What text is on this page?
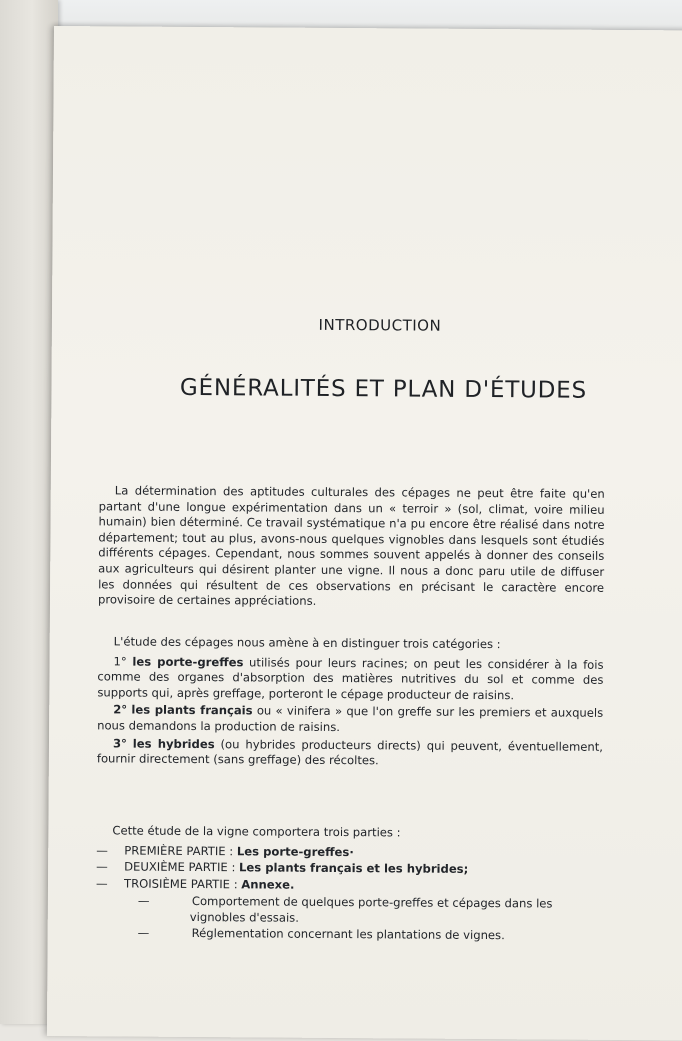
INTRODUCTION
GÉNÉRALITÉS ET PLAN D'ÉTUDES

La détermination des aptitudes culturales des cépages ne peut être faite qu'en partant d'une longue expérimentation dans un « terroir » (sol, climat, voire milieu humain) bien déterminé. Ce travail systématique n'a pu encore être réalisé dans notre département; tout au plus, avons-nous quelques vignobles dans lesquels sont étudiés différents cépages. Cependant, nous sommes souvent appelés à donner des conseils aux agriculteurs qui désirent planter une vigne. Il nous a donc paru utile de diffuser les données qui résultent de ces observations en précisant le caractère encore provisoire de certaines appréciations.

L'étude des cépages nous amène à en distinguer trois catégories :

1° les porte-greffes utilisés pour leurs racines; on peut les considérer à la fois comme des organes d'absorption des matières nutritives du sol et comme des supports qui, après greffage, porteront le cépage producteur de raisins.

2° les plants français ou « vinifera » que l'on greffe sur les premiers et auxquels nous demandons la production de raisins.

3° les hybrides (ou hybrides producteurs directs) qui peuvent, éventuellement, fournir directement (sans greffage) des récoltes.

Cette étude de la vigne comportera trois parties :

— PREMIÈRE PARTIE : Les porte-greffes·
— DEUXIÈME PARTIE : Les plants français et les hybrides;
— TROISIÈME PARTIE : Annexe.
—	Comportement de quelques porte-greffes et cépages dans les vignobles d'essais.
—	Réglementation concernant les plantations de vignes.
